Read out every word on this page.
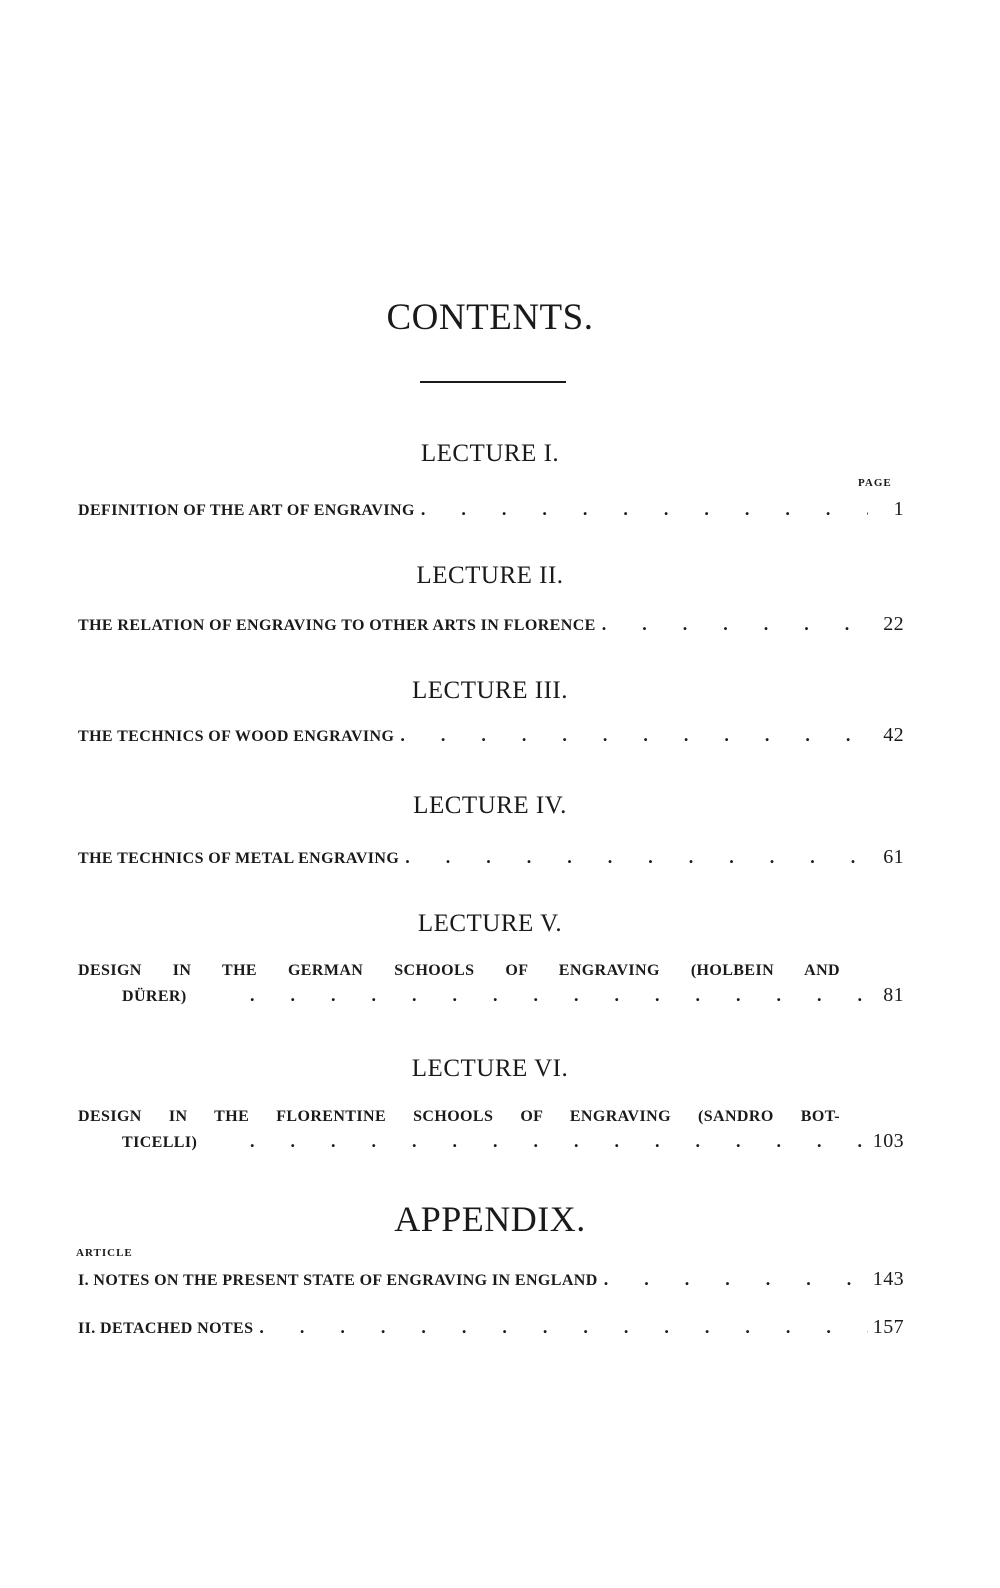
CONTENTS.
LECTURE I.
PAGE
DEFINITION OF THE ART OF ENGRAVING .	1
LECTURE II.
THE RELATION OF ENGRAVING TO OTHER ARTS IN FLORENCE .	22
LECTURE III.
THE TECHNICS OF WOOD ENGRAVING .	42
LECTURE IV.
THE TECHNICS OF METAL ENGRAVING .	61
LECTURE V.
DESIGN IN THE GERMAN SCHOOLS OF ENGRAVING (HOLBEIN AND
DÜRER) .	81
LECTURE VI.
DESIGN IN THE FLORENTINE SCHOOLS OF ENGRAVING (SANDRO BOT-
TICELLI) .	103
APPENDIX.
ARTICLE
I. NOTES ON THE PRESENT STATE OF ENGRAVING IN ENGLAND .	143
II. DETACHED NOTES .	157
